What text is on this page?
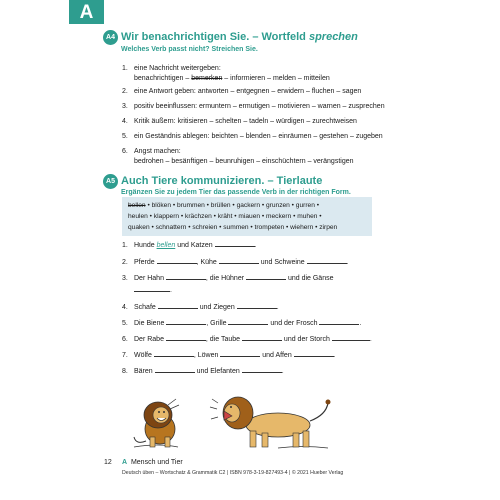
A
A4 Wir benachrichtigen Sie. – Wortfeld sprechen
Welches Verb passt nicht? Streichen Sie.
1. eine Nachricht weitergeben:
benachrichtigen – bemerken – informieren – melden – mitteilen
2. eine Antwort geben: antworten – entgegnen – erwidern – fluchen – sagen
3. positiv beeinflussen: ermuntern – ermutigen – motivieren – warnen – zusprechen
4. Kritik äußern: kritisieren – schelten – tadeln – würdigen – zurechtweisen
5. ein Geständnis ablegen: beichten – blenden – einräumen – gestehen – zugeben
6. Angst machen:
bedrohen – besänftigen – beunruhigen – einschüchtern – verängstigen
A5 Auch Tiere kommunizieren. – Tierlaute
Ergänzen Sie zu jedem Tier das passende Verb in der richtigen Form.
bellen • blöken • brummen • brüllen • gackern • grunzen • gurren •
heulen • klappern • krächzen • kräht • miauen • meckern • muhen •
quaken • schnattern • schreien • summen • trompeten • wiehern • zirpen
1. Hunde bellen und Katzen	.
2. Pferde	, Kühe	und Schweine	.
3. Der Hahn	, die Hühner	und die Gänse
.
4. Schafe	und Ziegen	.
5. Die Biene	, Grille	und der Frosch	.
6. Der Rabe	, die Taube	und der Storch	.
7. Wölfe	, Löwen	und Affen	.
8. Bären	und Elefanten	.
12 A Mensch und Tier
Deutsch üben – Wortschatz & Grammatik C2 | ISBN 978-3-19-827493-4 | © 2021 Hueber Verlag
